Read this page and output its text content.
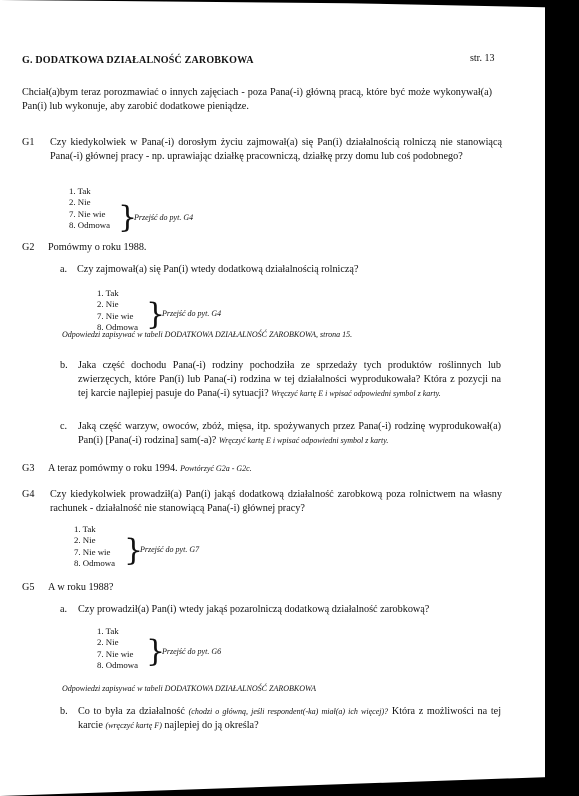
G. DODATKOWA DZIAŁALNOŚĆ ZAROBKOWA	str. 13
Chciał(a)bym teraz porozmawiać o innych zajęciach - poza Pana(-i) główną pracą, które być może wykonywał(a) Pan(i) lub wykonuje, aby zarobić dodatkowe pieniądze.
G1 Czy kiedykolwiek w Pana(-i) dorosłym życiu zajmował(a) się Pan(i) działalnością rolniczą nie stanowiącą Pana(-i) głównej pracy - np. uprawiając działkę pracowniczą, działkę przy domu lub coś podobnego?
1. Tak
2. Nie
7. Nie wie
8. Odmowa }
Przejść do pyt. G4
G2 Pomówmy o roku 1988.
a. Czy zajmował(a) się Pan(i) wtedy dodatkową działalnością rolniczą?
1. Tak
2. Nie
7. Nie wie
8. Odmowa }
Przejść do pyt. G4
Odpowiedzi zapisywać w tabeli DODATKOWA DZIAŁALNOŚĆ ZAROBKOWA, strona 15.
b. Jaka część dochodu Pana(-i) rodziny pochodziła ze sprzedaży tych produktów roślinnych lub zwierzęcych, które Pan(i) lub Pana(-i) rodzina w tej działalności wyprodukowała? Która z pozycji na tej karcie najlepiej pasuje do Pana(-i) sytuacji? Wręczyć kartę E i wpisać odpowiedni symbol z karty.
c. Jaką część warzyw, owoców, zbóż, mięsa, itp. spożywanych przez Pana(-i) rodzinę wyprodukował(a) Pan(i) [Pana(-i) rodzina] sam(-a)? Wręczyć kartę E i wpisać odpowiedni symbol z karty.
G3 A teraz pomówmy o roku 1994. Powtórzyć G2a - G2c.
G4 Czy kiedykolwiek prowadził(a) Pan(i) jakąś dodatkową działalność zarobkową poza rolnictwem na własny rachunek - działalność nie stanowiącą Pana(-i) głównej pracy?
1. Tak
2. Nie
7. Nie wie
8. Odmowa }
Przejść do pyt. G7
G5 A w roku 1988?
a. Czy prowadził(a) Pan(i) wtedy jakąś pozarolniczą dodatkową działalność zarobkową?
1. Tak
2. Nie
7. Nie wie
8. Odmowa }
Przejść do pyt. G6
Odpowiedzi zapisywać w tabeli DODATKOWA DZIAŁALNOŚĆ ZAROBKOWA
b. Co to była za działalność (chodzi o główną, jeśli respondent(-ka) miał(a) ich więcej)? Która z możliwości na tej karcie (wręczyć kartę F) najlepiej do ją określa?
